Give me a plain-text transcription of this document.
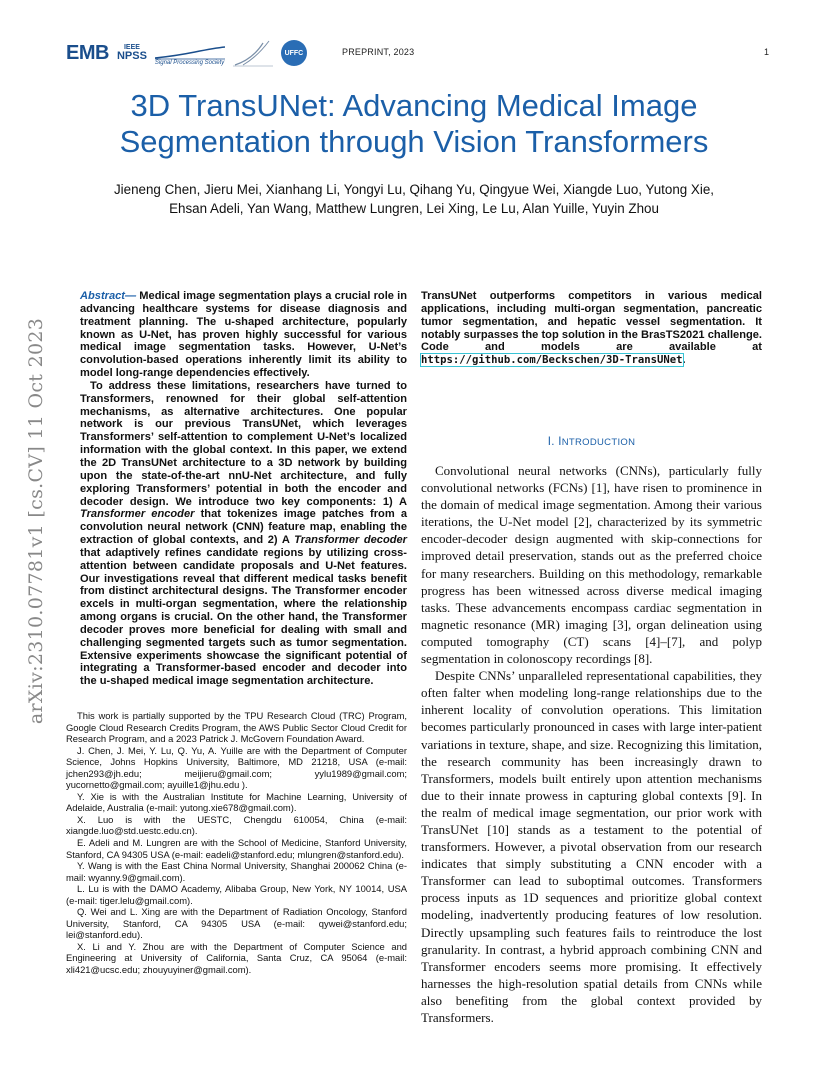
EMB IEEE
NPSS
Signal Processing Society
UFFC	PREPRINT, 2023	1
3D TransUNet: Advancing Medical Image
Segmentation through Vision Transformers
Jieneng Chen, Jieru Mei, Xianhang Li, Yongyi Lu, Qihang Yu, Qingyue Wei, Xiangde Luo, Yutong Xie,
Ehsan Adeli, Yan Wang, Matthew Lungren, Lei Xing, Le Lu, Alan Yuille, Yuyin Zhou
arXiv:2310.07781v1 [cs.CV] 11 Oct 2023

Abstract— Medical image segmentation plays a crucial role in advancing healthcare systems for disease diagnosis and treatment planning. The u-shaped architecture, popularly known as U-Net, has proven highly successful for various medical image segmentation tasks. However, U-Net’s convolution-based operations inherently limit its ability to model long-range dependencies effectively.

To address these limitations, researchers have turned to Transformers, renowned for their global self-attention mechanisms, as alternative architectures. One popular network is our previous TransUNet, which leverages Transformers’ self-attention to complement U-Net’s localized information with the global context. In this paper, we extend the 2D TransUNet architecture to a 3D network by building upon the state-of-the-art nnU-Net architecture, and fully exploring Transformers’ potential in both the encoder and decoder design. We introduce two key components: 1) A Transformer encoder that tokenizes image patches from a convolution neural network (CNN) feature map, enabling the extraction of global contexts, and 2) A Transformer decoder that adaptively refines candidate regions by utilizing cross-attention between candidate proposals and U-Net features. Our investigations reveal that different medical tasks benefit from distinct architectural designs. The Transformer encoder excels in multi-organ segmentation, where the relationship among organs is crucial. On the other hand, the Transformer decoder proves more beneficial for dealing with small and challenging segmented targets such as tumor segmentation. Extensive experiments showcase the significant potential of integrating a Transformer-based encoder and decoder into the u-shaped medical image segmentation architecture.

TransUNet outperforms competitors in various medical applications, including multi-organ segmentation, pancreatic tumor segmentation, and hepatic vessel segmentation. It notably surpasses the top solution in the BrasTS2021 challenge. Code and models are available at https://github.com/Beckschen/3D-TransUNet.

This work is partially supported by the TPU Research Cloud (TRC) Program, Google Cloud Research Credits Program, the AWS Public Sector Cloud Credit for Research Program, and a 2023 Patrick J. McGovern Foundation Award.

J. Chen, J. Mei, Y. Lu, Q. Yu, A. Yuille are with the Department of Computer Science, Johns Hopkins University, Baltimore, MD 21218, USA (e-mail: jchen293@jh.edu; meijieru@gmail.com; yylu1989@gmail.com; yucornetto@gmail.com; ayuille1@jhu.edu ).

Y. Xie is with the Australian Institute for Machine Learning, University of Adelaide, Australia (e-mail: yutong.xie678@gmail.com).

X. Luo is with the UESTC, Chengdu 610054, China (e-mail: xiangde.luo@std.uestc.edu.cn).

E. Adeli and M. Lungren are with the School of Medicine, Stanford University, Stanford, CA 94305 USA (e-mail: eadeli@stanford.edu; mlungren@stanford.edu).

Y. Wang is with the East China Normal University, Shanghai 200062 China (e-mail: wyanny.9@gmail.com).

L. Lu is with the DAMO Academy, Alibaba Group, New York, NY 10014, USA (e-mail: tiger.lelu@gmail.com).

Q. Wei and L. Xing are with the Department of Radiation Oncology, Stanford University, Stanford, CA 94305 USA (e-mail: qywei@stanford.edu; lei@stanford.edu).

X. Li and Y. Zhou are with the Department of Computer Science and Engineering at University of California, Santa Cruz, CA 95064 (e-mail: xli421@ucsc.edu; zhouyuyiner@gmail.com).

I. INTRODUCTION

Convolutional neural networks (CNNs), particularly fully convolutional networks (FCNs) [1], have risen to prominence in the domain of medical image segmentation. Among their various iterations, the U-Net model [2], characterized by its symmetric encoder-decoder design augmented with skip-connections for improved detail preservation, stands out as the preferred choice for many researchers. Building on this methodology, remarkable progress has been witnessed across diverse medical imaging tasks. These advancements encompass cardiac segmentation in magnetic resonance (MR) imaging [3], organ delineation using computed tomography (CT) scans [4]–[7], and polyp segmentation in colonoscopy recordings [8].

Despite CNNs’ unparalleled representational capabilities, they often falter when modeling long-range relationships due to the inherent locality of convolution operations. This limitation becomes particularly pronounced in cases with large inter-patient variations in texture, shape, and size. Recognizing this limitation, the research community has been increasingly drawn to Transformers, models built entirely upon attention mechanisms due to their innate prowess in capturing global contexts [9]. In the realm of medical image segmentation, our prior work with TransUNet [10] stands as a testament to the potential of transformers. However, a pivotal observation from our research indicates that simply substituting a CNN encoder with a Transformer can lead to suboptimal outcomes. Transformers process inputs as 1D sequences and prioritize global context modeling, inadvertently producing features of low resolution. Directly upsampling such features fails to reintroduce the lost granularity. In contrast, a hybrid approach combining CNN and Transformer encoders seems more promising. It effectively harnesses the high-resolution spatial details from CNNs while also benefiting from the global context provided by Transformers.
